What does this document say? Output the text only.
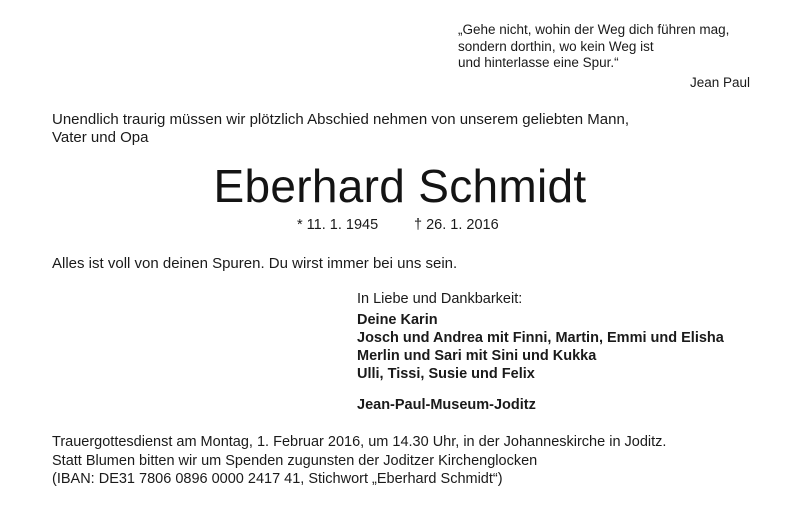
„Gehe nicht, wohin der Weg dich führen mag,
sondern dorthin, wo kein Weg ist
und hinterlasse eine Spur.“
Jean Paul
Unendlich traurig müssen wir plötzlich Abschied nehmen von unserem geliebten Mann,
Vater und Opa
Eberhard Schmidt
* 11. 1. 1945 † 26. 1. 2016
Alles ist voll von deinen Spuren. Du wirst immer bei uns sein.
In Liebe und Dankbarkeit:
Deine Karin
Josch und Andrea mit Finni, Martin, Emmi und Elisha
Merlin und Sari mit Sini und Kukka
Ulli, Tissi, Susie und Felix
Jean-Paul-Museum-Joditz
Trauergottesdienst am Montag, 1. Februar 2016, um 14.30 Uhr, in der Johanneskirche in Joditz.
Statt Blumen bitten wir um Spenden zugunsten der Joditzer Kirchenglocken
(IBAN: DE31 7806 0896 0000 2417 41, Stichwort „Eberhard Schmidt“)
